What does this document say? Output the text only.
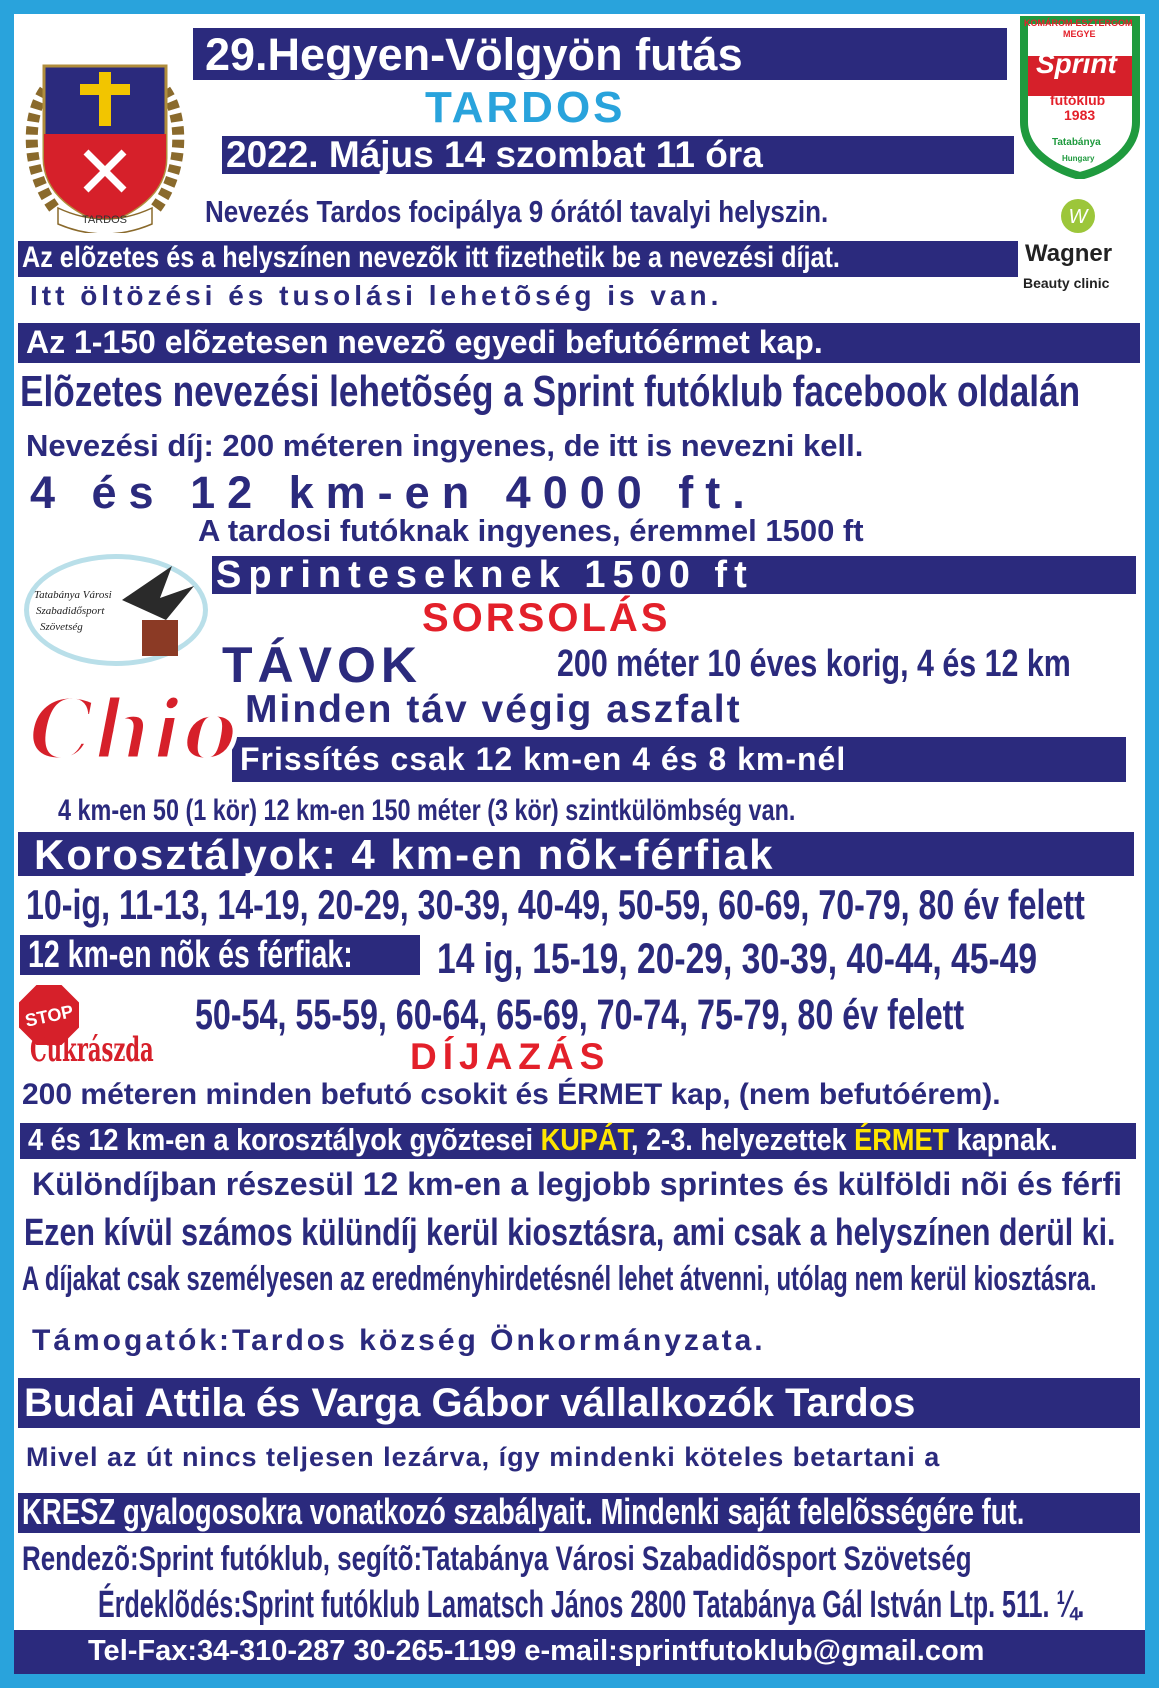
29.Hegyen-Völgyön futás
TARDOS
2022. Május 14 szombat 11 óra
TARDOS
KOMÁROM-ESZTERGOM
MEGYE
Sprint
futóklub
1983
Tatabánya
Hungary
W
Wagner
Beauty clinic
Nevezés Tardos focipálya 9 órától tavalyi helyszin.
Az elõzetes és a helyszínen nevezõk itt fizethetik be a nevezési díjat.
Itt öltözési és tusolási lehetõség is van.
Az 1-150 elõzetesen nevezõ egyedi befutóérmet kap.
Elõzetes nevezési lehetõség a Sprint futóklub facebook oldalán
Nevezési díj: 200 méteren ingyenes, de itt is nevezni kell.
4 és 12 km-en 4000 ft.
A tardosi futóknak ingyenes, éremmel 1500 ft
Sprinteseknek 1500 ft
Tatabánya Városi
Szabadidősport
Szövetség	SORSOLÁS
TÁVOK	200 méter 10 éves korig, 4 és 12 km
Minden táv végig aszfalt
Frissítés csak 12 km-en 4 és 8 km-nél
Chio
4 km-en 50 (1 kör) 12 km-en 150 méter (3 kör) szintkülömbség van.
Korosztályok: 4 km-en nõk-férfiak
10-ig, 11-13, 14-19, 20-29, 30-39, 40-49, 50-59, 60-69, 70-79, 80 év felett
12 km-en nõk és férfiak: 14 ig, 15-19, 20-29, 30-39, 40-44, 45-49
50-54, 55-59, 60-64, 65-69, 70-74, 75-79, 80 év felett
STOP
Cukrászda	DÍJAZÁS
200 méteren minden befutó csokit és ÉRMET kap, (nem befutóérem).
4 és 12 km-en a korosztályok gyõztesei KUPÁT, 2-3. helyezettek ÉRMET kapnak.
Különdíjban részesül 12 km-en a legjobb sprintes és külföldi nõi és férfi
Ezen kívül számos külündíj kerül kiosztásra, ami csak a helyszínen derül ki.
A díjakat csak személyesen az eredményhirdetésnél lehet átvenni, utólag nem kerül kiosztásra.
Támogatók:Tardos község Önkormányzata.
Budai Attila és Varga Gábor vállalkozók Tardos
Mivel az út nincs teljesen lezárva, így mindenki köteles betartani a
KRESZ gyalogosokra vonatkozó szabályait. Mindenki saját felelõsségére fut.
Rendezõ:Sprint futóklub, segítõ:Tatabánya Városi Szabadidõsport Szövetség
Érdeklõdés:Sprint futóklub Lamatsch János 2800 Tatabánya Gál István Ltp. 511. ¼.
Tel-Fax:34-310-287 30-265-1199 e-mail:sprintfutoklub@gmail.com
